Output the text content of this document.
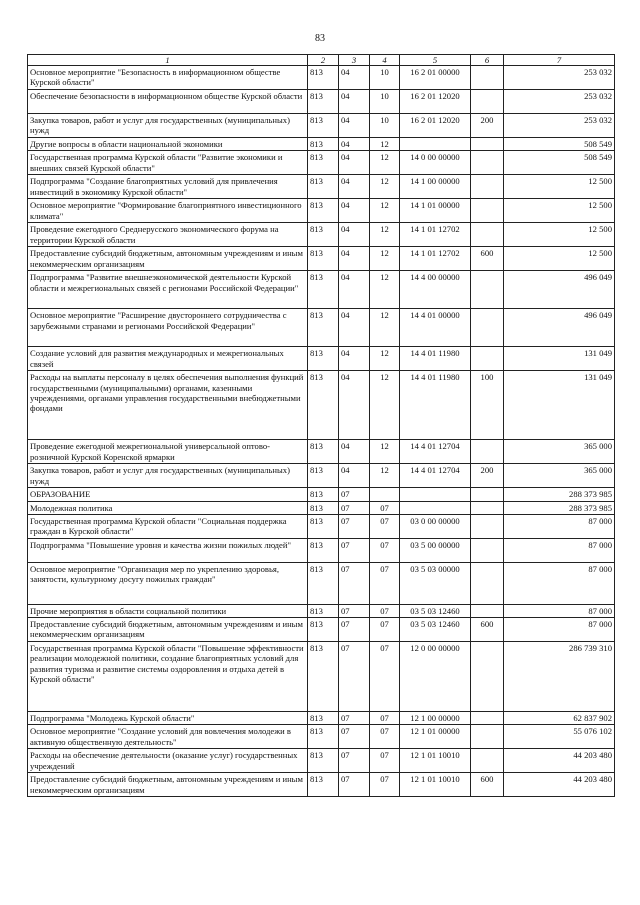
83
1	2	3	4	5	6	7
Основное мероприятие "Безопасность в информационном обществе Курской области"	813	04	10	16 2 01 00000		253 032
Обеспечение безопасности в информационном обществе Курской области	813	04	10	16 2 01 12020		253 032
Закупка товаров, работ и услуг для государственных (муниципальных) нужд	813	04	10	16 2 01 12020	200	253 032
Другие вопросы в области национальной экономики	813	04	12			508 549
Государственная программа Курской области "Развитие экономики и внешних связей Курской области"	813	04	12	14 0 00 00000		508 549
Подпрограмма "Создание благоприятных условий для привлечения инвестиций в экономику Курской области"	813	04	12	14 1 00 00000		12 500
Основное мероприятие "Формирование благоприятного инвестиционного климата"	813	04	12	14 1 01 00000		12 500
Проведение ежегодного Среднерусского экономического форума на территории Курской области	813	04	12	14 1 01 12702		12 500
Предоставление субсидий бюджетным, автономным учреждениям и иным некоммерческим организациям	813	04	12	14 1 01 12702	600	12 500
Подпрограмма "Развитие внешнеэкономической деятельности Курской области и межрегиональных связей с регионами Российской Федерации"	813	04	12	14 4 00 00000		496 049
Основное мероприятие "Расширение двустороннего сотрудничества с зарубежными странами и регионами Российской Федерации"	813	04	12	14 4 01 00000		496 049
Создание условий для развития международных и межрегиональных связей	813	04	12	14 4 01 11980		131 049
Расходы на выплаты персоналу в целях обеспечения выполнения функций государственными (муниципальными) органами, казенными учреждениями, органами управления государственными внебюджетными фондами	813	04	12	14 4 01 11980	100	131 049
Проведение ежегодной межрегиональной универсальной оптово-розничной Курской Коренской ярмарки	813	04	12	14 4 01 12704		365 000
Закупка товаров, работ и услуг для государственных (муниципальных) нужд	813	04	12	14 4 01 12704	200	365 000
ОБРАЗОВАНИЕ	813	07				288 373 985
Молодежная политика	813	07	07			288 373 985
Государственная программа Курской области "Социальная поддержка граждан в Курской области"	813	07	07	03 0 00 00000		87 000
Подпрограмма "Повышение уровня и качества жизни пожилых людей"	813	07	07	03 5 00 00000		87 000
Основное мероприятие "Организация мер по укреплению здоровья, занятости, культурному досугу пожилых граждан"	813	07	07	03 5 03 00000		87 000
Прочие мероприятия в области социальной политики	813	07	07	03 5 03 12460		87 000
Предоставление субсидий бюджетным, автономным учреждениям и иным некоммерческим организациям	813	07	07	03 5 03 12460	600	87 000
Государственная программа Курской области "Повышение эффективности реализации молодежной политики, создание благоприятных условий для развития туризма и развитие системы оздоровления и отдыха детей в Курской области"	813	07	07	12 0 00 00000		286 739 310
Подпрограмма "Молодежь Курской области"	813	07	07	12 1 00 00000		62 837 902
Основное мероприятие "Создание условий для вовлечения молодежи в активную общественную деятельность"	813	07	07	12 1 01 00000		55 076 102
Расходы на обеспечение деятельности (оказание услуг) государственных учреждений	813	07	07	12 1 01 10010		44 203 480
Предоставление субсидий бюджетным, автономным учреждениям и иным некоммерческим организациям	813	07	07	12 1 01 10010	600	44 203 480
